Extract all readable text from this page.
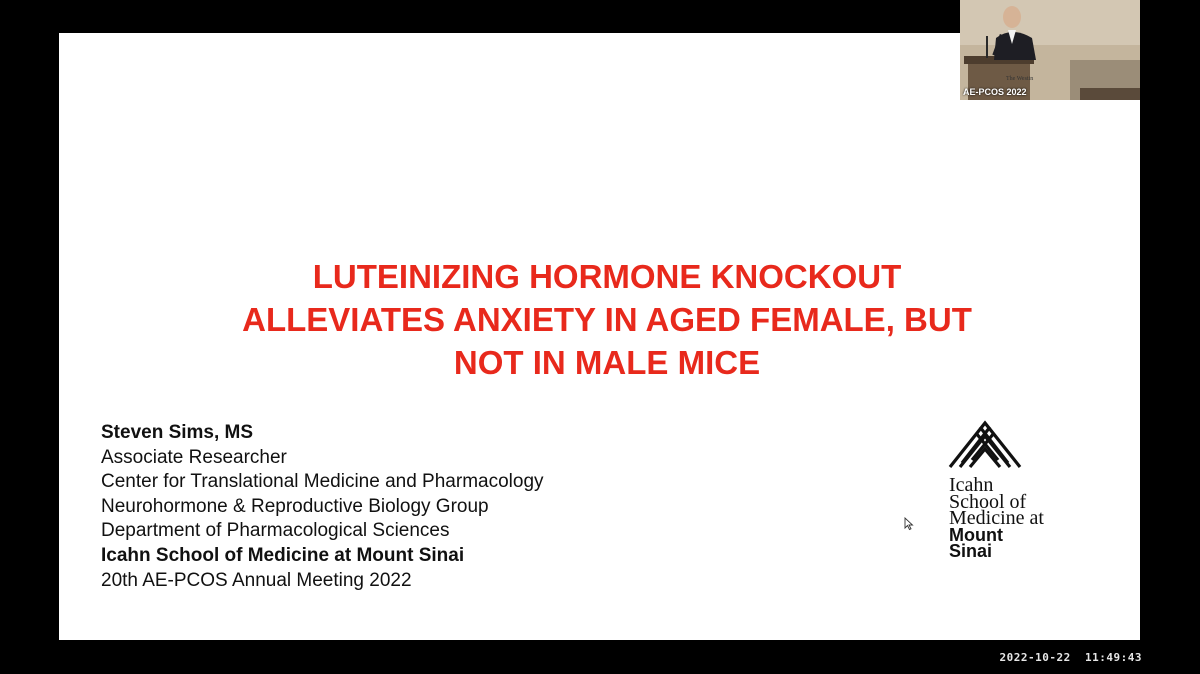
LUTEINIZING HORMONE KNOCKOUT
ALLEVIATES ANXIETY IN AGED FEMALE, BUT
NOT IN MALE MICE
Steven Sims, MS
Associate Researcher
Center for Translational Medicine and Pharmacology
Neurohormone & Reproductive Biology Group
Department of Pharmacological Sciences
Icahn School of Medicine at Mount Sinai
20th AE-PCOS Annual Meeting 2022
Icahn
School of
Medicine at
Mount
Sinai
The Westin
AE-PCOS 2022
2022-10-22  11:49:43
